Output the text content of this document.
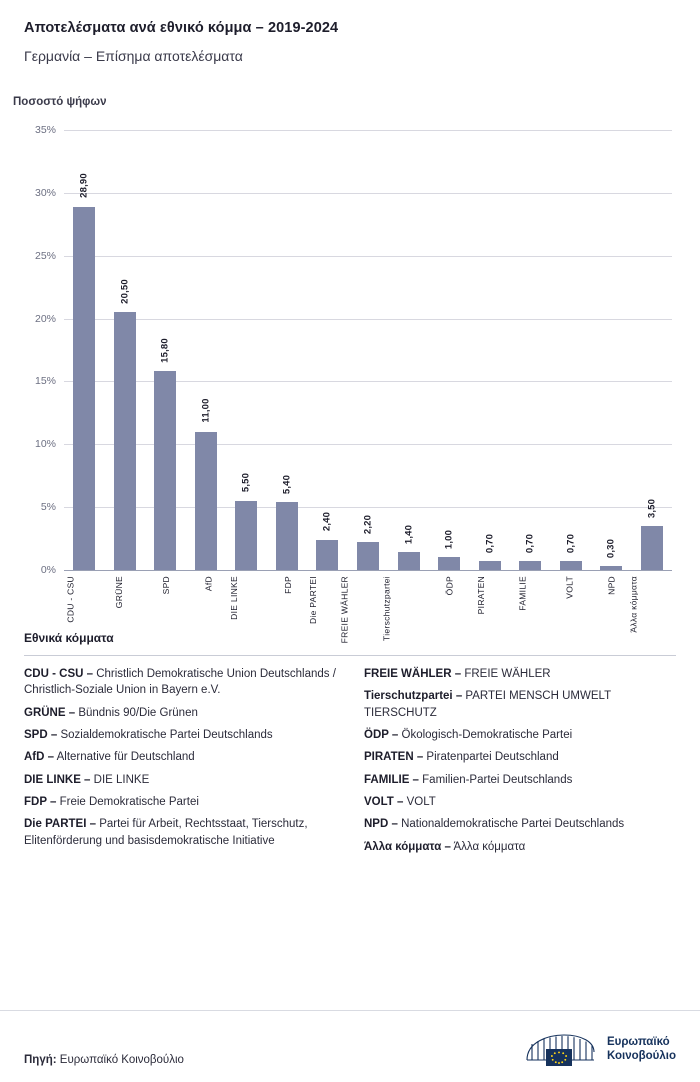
Αποτελέσματα ανά εθνικό κόμμα – 2019-2024
Γερμανία – Επίσημα αποτελέσματα
Ποσοστό ψήφων
35%
30%
25%
20%
15%
10%
5%
0%
28,90
20,50
15,80
11,00
5,50	5,40
2,40	2,20
1,40	1,00	0,70	0,70	0,70	0,30
3,50
CDU - CSU	GRÜNE	SPD	AfD DIE LINKE	FDP Die PARTEI FREIE WÄHLER	Tierschutzpartei	ÖDP PIRATEN	FAMILIE	VOLT	NPD Άλλα κόμματα
Εθνικά κόμματα
CDU - CSU – Christlich Demokratische Union Deutschlands / Christlich-Soziale Union in Bayern e.V.
GRÜNE – Bündnis 90/Die Grünen
SPD – Sozialdemokratische Partei Deutschlands
AfD – Alternative für Deutschland
DIE LINKE – DIE LINKE
FDP – Freie Demokratische Partei
Die PARTEI – Partei für Arbeit, Rechtsstaat, Tierschutz, Elitenförderung und basisdemokratische Initiative
FREIE WÄHLER – FREIE WÄHLER
Tierschutzpartei – PARTEI MENSCH UMWELT TIERSCHUTZ
ÖDP – Ökologisch-Demokratische Partei
PIRATEN – Piratenpartei Deutschland
FAMILIE – Familien-Partei Deutschlands
VOLT – VOLT
NPD – Nationaldemokratische Partei Deutschlands
Άλλα κόμματα – Άλλα κόμματα
Πηγή: Ευρωπαϊκό Κοινοβούλιο
Ευρωπαϊκό
Κοινοβούλιο
